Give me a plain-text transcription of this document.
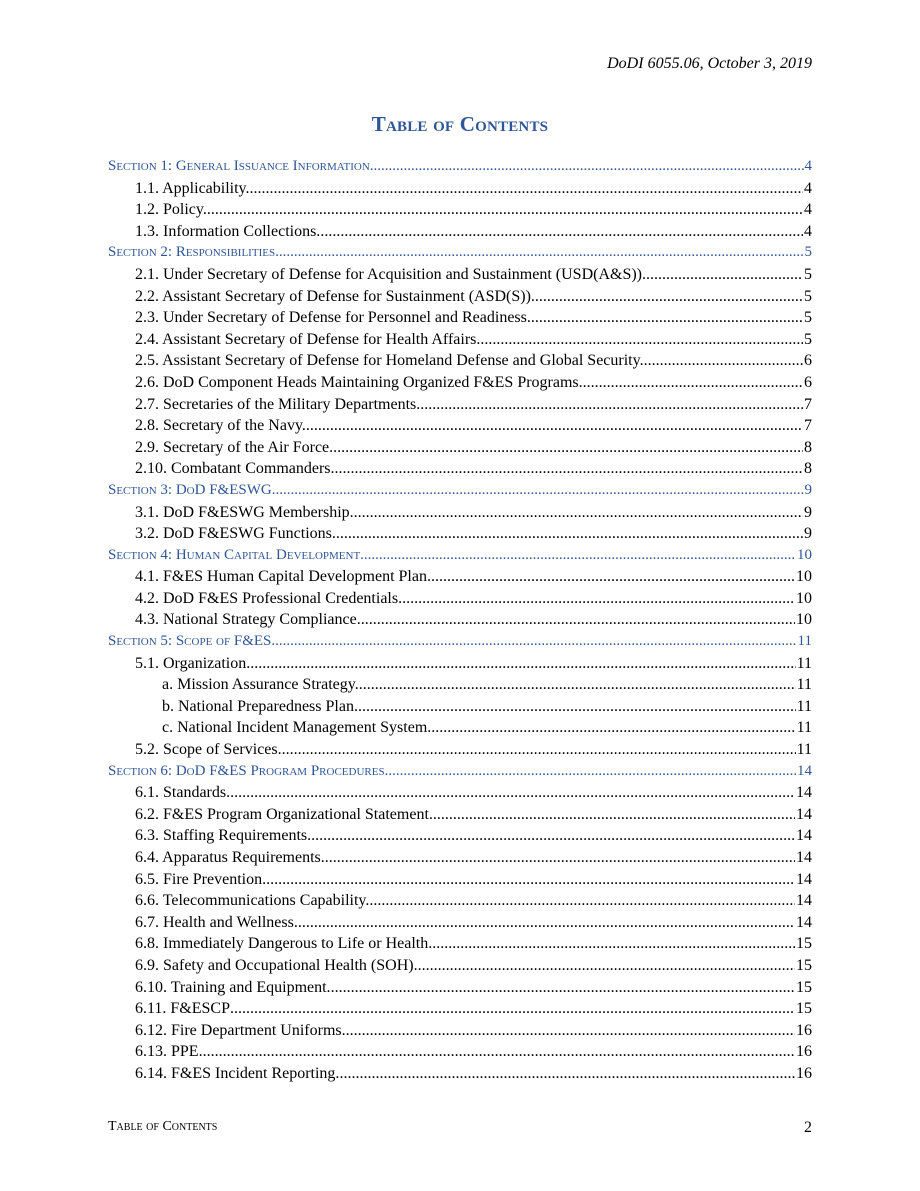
DoDI 6055.06, October 3, 2019
Table of Contents
Section 1: General Issuance Information .....	4
1.1. Applicability. .....	4
1.2. Policy. .....	4
1.3. Information Collections. .....	4
Section 2: Responsibilities .....	5
2.1. Under Secretary of Defense for Acquisition and Sustainment (USD(A&S)). .....	5
2.2. Assistant Secretary of Defense for Sustainment (ASD(S)). .....	5
2.3. Under Secretary of Defense for Personnel and Readiness. .....	5
2.4. Assistant Secretary of Defense for Health Affairs. .....	5
2.5. Assistant Secretary of Defense for Homeland Defense and Global Security. .....	6
2.6. DoD Component Heads Maintaining Organized F&ES Programs. .....	6
2.7. Secretaries of the Military Departments. .....	7
2.8. Secretary of the Navy. .....	7
2.9. Secretary of the Air Force. .....	8
2.10. Combatant Commanders. .....	8
Section 3: DoD F&ESWG .....	9
3.1. DoD F&ESWG Membership. .....	9
3.2. DoD F&ESWG Functions. .....	9
Section 4: Human Capital Development .....	10
4.1. F&ES Human Capital Development Plan. .....	10
4.2. DoD F&ES Professional Credentials. .....	10
4.3. National Strategy Compliance. .....	10
Section 5: Scope of F&ES .....	11
5.1. Organization. .....	11
a. Mission Assurance Strategy. .....	11
b. National Preparedness Plan. .....	11
c. National Incident Management System. .....	11
5.2. Scope of Services. .....	11
Section 6: DoD F&ES Program Procedures .....	14
6.1. Standards. .....	14
6.2. F&ES Program Organizational Statement. .....	14
6.3. Staffing Requirements. .....	14
6.4. Apparatus Requirements. .....	14
6.5. Fire Prevention. .....	14
6.6. Telecommunications Capability. .....	14
6.7. Health and Wellness. .....	14
6.8. Immediately Dangerous to Life or Health. .....	15
6.9. Safety and Occupational Health (SOH). .....	15
6.10. Training and Equipment. .....	15
6.11. F&ESCP .....	15
6.12. Fire Department Uniforms. .....	16
6.13. PPE .....	16
6.14. F&ES Incident Reporting. .....	16
Table of Contents	2
